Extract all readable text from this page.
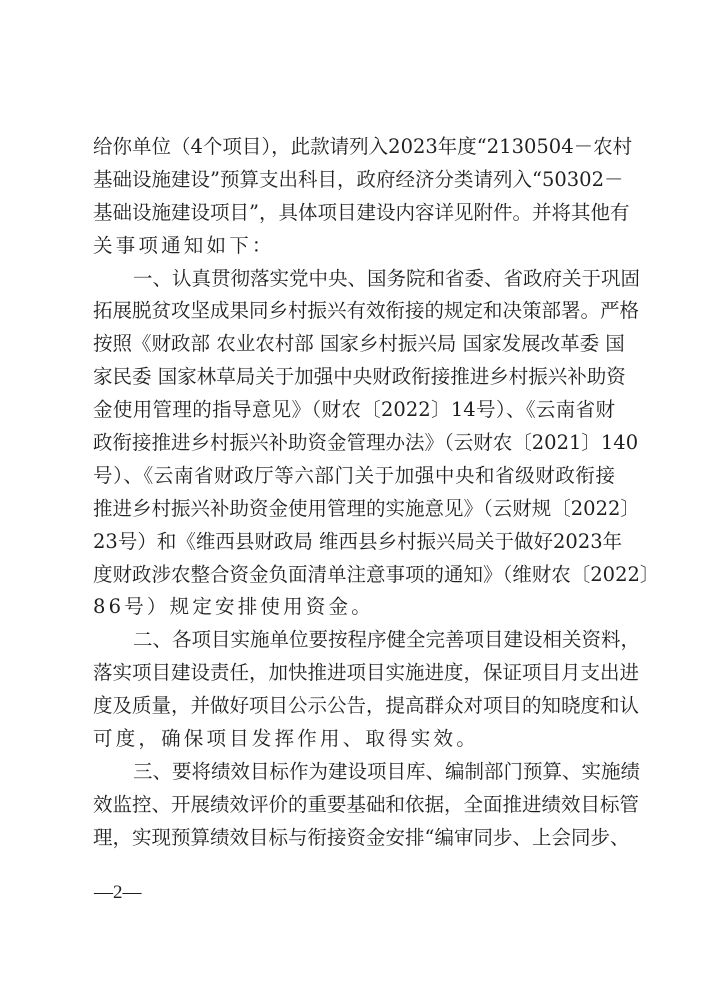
给你单位（4个项目），此款请列入2023年度“2130504－农村
基础设施建设”预算支出科目，政府经济分类请列入“50302－
基础设施建设项目”，具体项目建设内容详见附件。并将其他有
关事项通知如下：
一、认真贯彻落实党中央、国务院和省委、省政府关于巩固
拓展脱贫攻坚成果同乡村振兴有效衔接的规定和决策部署。严格
按照《财政部 农业农村部 国家乡村振兴局 国家发展改革委 国
家民委 国家林草局关于加强中央财政衔接推进乡村振兴补助资
金使用管理的指导意见》（财农〔2022〕14号）、《云南省财
政衔接推进乡村振兴补助资金管理办法》（云财农〔2021〕140
号）、《云南省财政厅等六部门关于加强中央和省级财政衔接
推进乡村振兴补助资金使用管理的实施意见》（云财规〔2022〕
23号）和《维西县财政局 维西县乡村振兴局关于做好2023年
度财政涉农整合资金负面清单注意事项的通知》（维财农〔2022〕
86号）规定安排使用资金。
二、各项目实施单位要按程序健全完善项目建设相关资料，
落实项目建设责任，加快推进项目实施进度，保证项目月支出进
度及质量，并做好项目公示公告，提高群众对项目的知晓度和认
可度，确保项目发挥作用、取得实效。
三、要将绩效目标作为建设项目库、编制部门预算、实施绩
效监控、开展绩效评价的重要基础和依据，全面推进绩效目标管
理，实现预算绩效目标与衔接资金安排“编审同步、上会同步、
—2—
